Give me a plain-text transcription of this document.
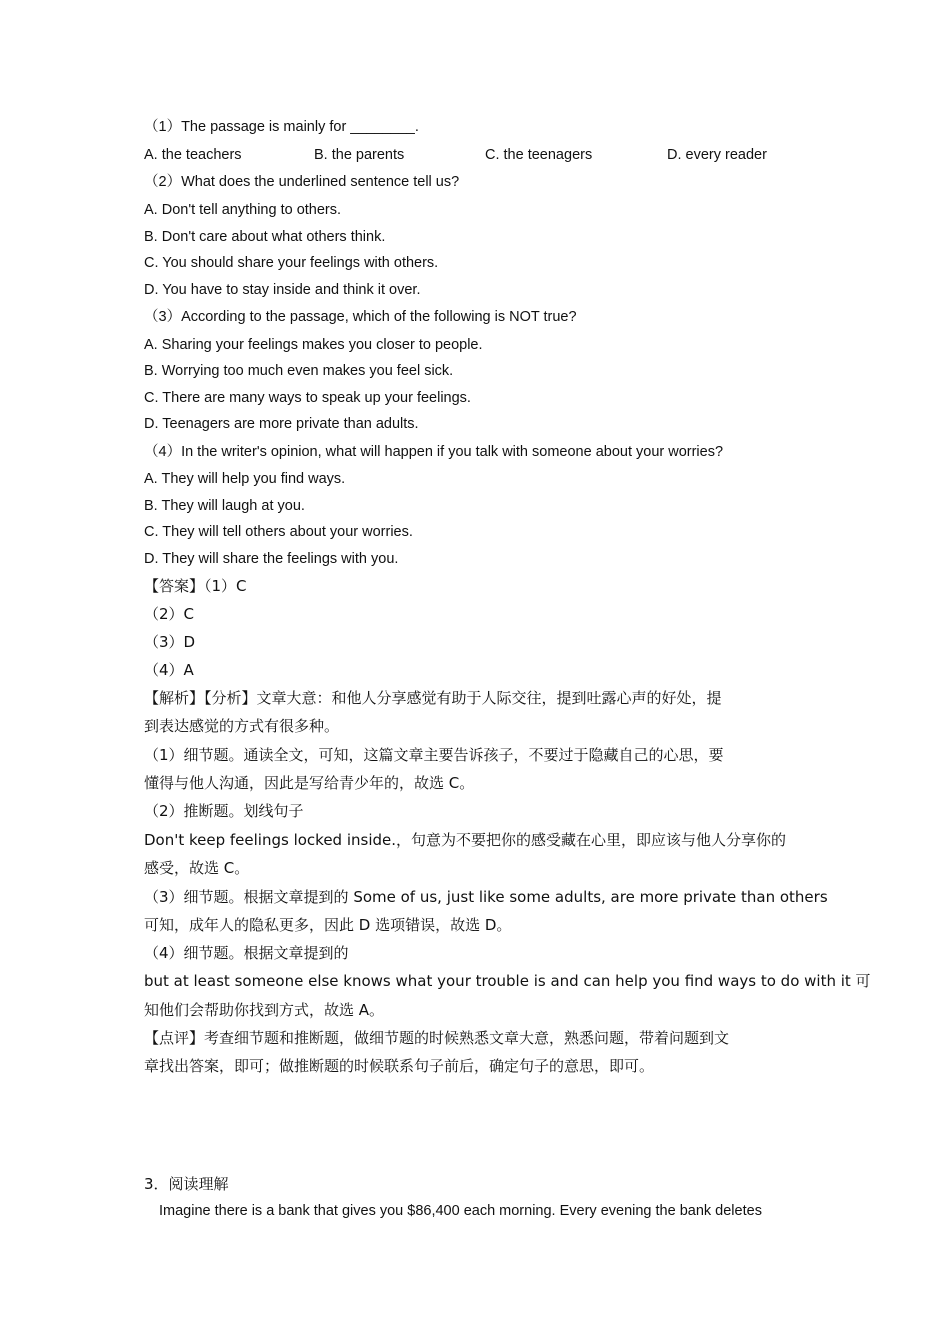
（1）The passage is mainly for ________.
A. the teachers	B. the parents	C. the teenagers	D. every reader
（2）What does the underlined sentence tell us?
A. Don't tell anything to others.
B. Don't care about what others think.
C. You should share your feelings with others.
D. You have to stay inside and think it over.
（3）According to the passage, which of the following is NOT true?
A. Sharing your feelings makes you closer to people.
B. Worrying too much even makes you feel sick.
C. There are many ways to speak up your feelings.
D. Teenagers are more private than adults.
（4）In the writer's opinion, what will happen if you talk with someone about your worries?
A. They will help you find ways.
B. They will laugh at you.
C. They will tell others about your worries.
D. They will share the feelings with you.
【答案】（1）C
（2）C
（3）D
（4）A
【解析】【分析】文章大意：和他人分享感觉有助于人际交往，提到吐露心声的好处，提
到表达感觉的方式有很多种。
（1）细节题。通读全文，可知，这篇文章主要告诉孩子，不要过于隐藏自己的心思，要
懂得与他人沟通，因此是写给青少年的，故选 C。
（2）推断题。划线句子
Don't keep feelings locked inside.，句意为不要把你的感受藏在心里，即应该与他人分享你的
感受，故选 C。
（3）细节题。根据文章提到的 Some of us, just like some adults, are more private than others
可知，成年人的隐私更多，因此 D 选项错误，故选 D。
（4）细节题。根据文章提到的
but at least someone else knows what your trouble is and can help you find ways to do with it 可
知他们会帮助你找到方式，故选 A。
【点评】考查细节题和推断题，做细节题的时候熟悉文章大意，熟悉问题，带着问题到文
章找出答案，即可；做推断题的时候联系句子前后，确定句子的意思，即可。
3．阅读理解
Imagine there is a bank that gives you $86,400 each morning. Every evening the bank deletes
